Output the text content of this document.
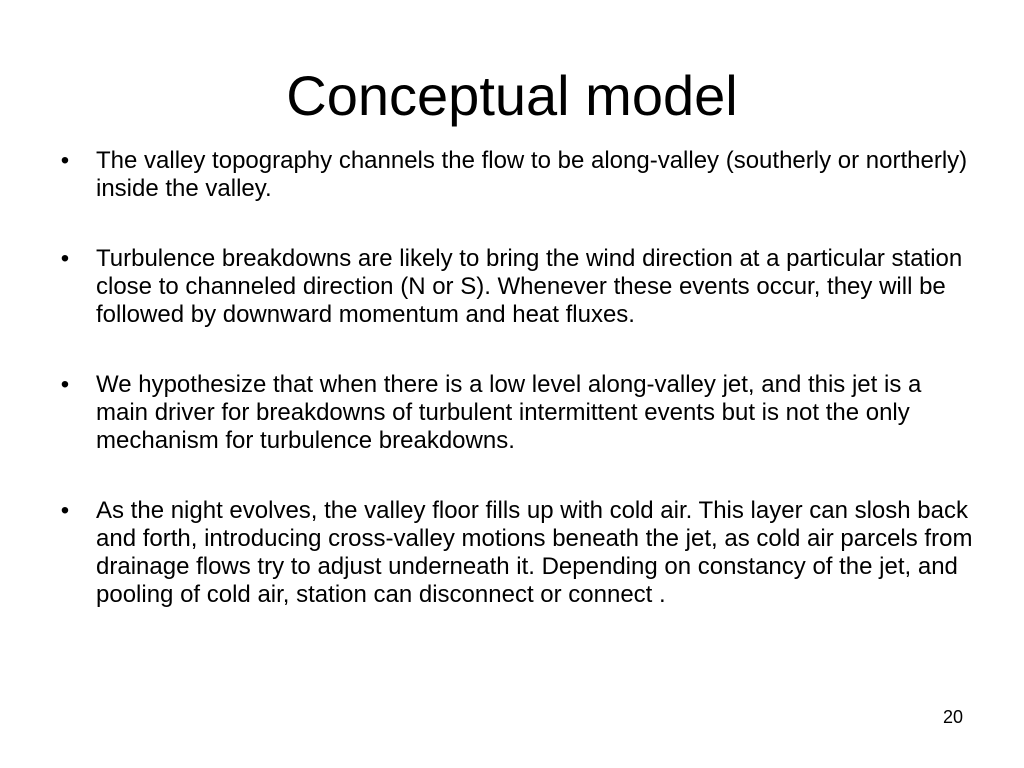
Conceptual model
• The valley topography channels the flow to be along-valley (southerly or northerly) inside the valley.
• Turbulence breakdowns are likely to bring the wind direction at a particular station close to channeled direction (N or S). Whenever these events occur, they will be followed by downward momentum and heat fluxes.
• We hypothesize that when there is a low level along-valley jet, and this jet is a main driver for breakdowns of turbulent intermittent events but is not the only mechanism for turbulence breakdowns.
• As the night evolves, the valley floor fills up with cold air. This layer can slosh back and forth, introducing cross-valley motions beneath the jet, as cold air parcels from drainage flows try to adjust underneath it. Depending on constancy of the jet, and pooling of cold air, station can disconnect or connect .
20
